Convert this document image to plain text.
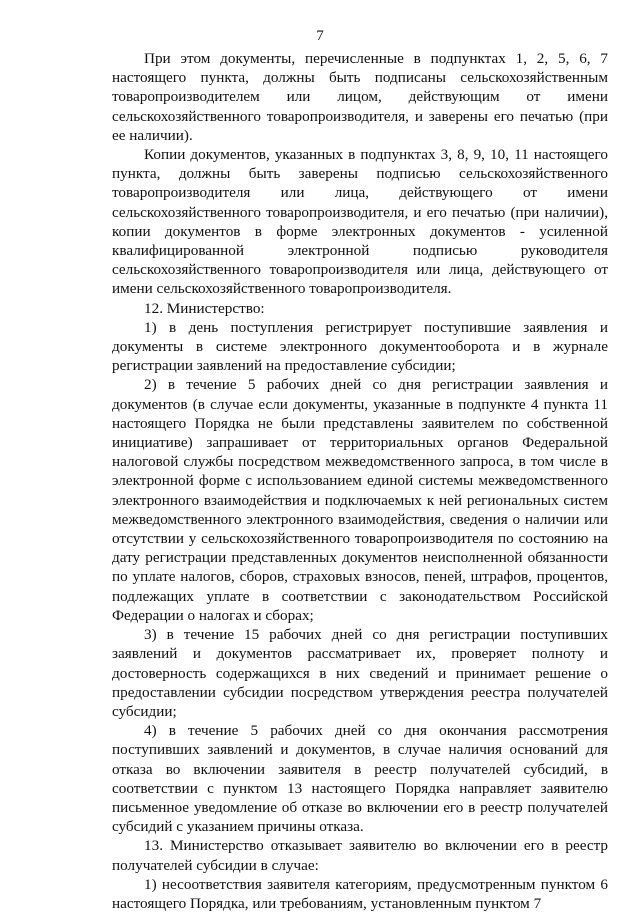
7

При этом документы, перечисленные в подпунктах 1, 2, 5, 6, 7 настоящего пункта, должны быть подписаны сельскохозяйственным товаропроизводителем или лицом, действующим от имени сельскохозяйственного товаропроизводителя, и заверены его печатью (при ее наличии).

Копии документов, указанных в подпунктах 3, 8, 9, 10, 11 настоящего пункта, должны быть заверены подписью сельскохозяйственного товаропроизводителя или лица, действующего от имени сельскохозяйственного товаропроизводителя, и его печатью (при наличии), копии документов в форме электронных документов - усиленной квалифицированной электронной подписью руководителя сельскохозяйственного товаропроизводителя или лица, действующего от имени сельскохозяйственного товаропроизводителя.

12. Министерство:

1) в день поступления регистрирует поступившие заявления и документы в системе электронного документооборота и в журнале регистрации заявлений на предоставление субсидии;

2) в течение 5 рабочих дней со дня регистрации заявления и документов (в случае если документы, указанные в подпункте 4 пункта 11 настоящего Порядка не были представлены заявителем по собственной инициативе) запрашивает от территориальных органов Федеральной налоговой службы посредством межведомственного запроса, в том числе в электронной форме с использованием единой системы межведомственного электронного взаимодействия и подключаемых к ней региональных систем межведомственного электронного взаимодействия, сведения о наличии или отсутствии у сельскохозяйственного товаропроизводителя по состоянию на дату регистрации представленных документов неисполненной обязанности по уплате налогов, сборов, страховых взносов, пеней, штрафов, процентов, подлежащих уплате в соответствии с законодательством Российской Федерации о налогах и сборах;

3) в течение 15 рабочих дней со дня регистрации поступивших заявлений и документов рассматривает их, проверяет полноту и достоверность содержащихся в них сведений и принимает решение о предоставлении субсидии посредством утверждения реестра получателей субсидии;

4) в течение 5 рабочих дней со дня окончания рассмотрения поступивших заявлений и документов, в случае наличия оснований для отказа во включении заявителя в реестр получателей субсидий, в соответствии с пунктом 13 настоящего Порядка направляет заявителю письменное уведомление об отказе во включении его в реестр получателей субсидий с указанием причины отказа.

13. Министерство отказывает заявителю во включении его в реестр получателей субсидии в случае:

1) несоответствия заявителя категориям, предусмотренным пунктом 6 настоящего Порядка, или требованиям, установленным пунктом 7
